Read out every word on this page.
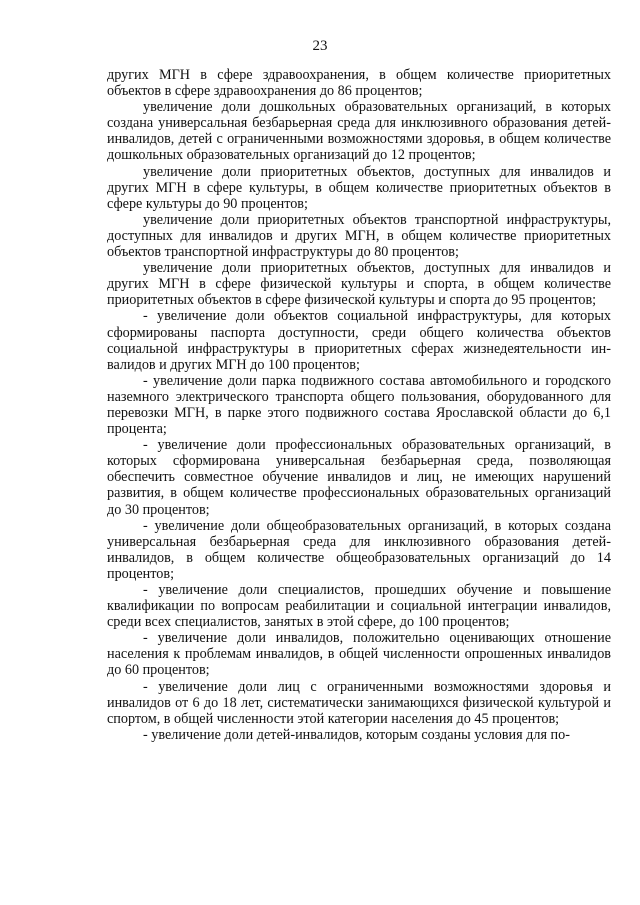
23

других МГН в сфере здравоохранения, в общем количестве приоритетных объектов в сфере здравоохранения до 86 процентов;

увеличение доли дошкольных образовательных организаций, в которых создана универсальная безбарьерная среда для инклюзивного образования детей-инвалидов, детей с ограниченными возможностями здоровья, в общем количестве дошкольных образовательных организаций до 12 процентов;

увеличение доли приоритетных объектов, доступных для инвалидов и других МГН в сфере культуры, в общем количестве приоритетных объектов в сфере культуры до 90 процентов;

увеличение доли приоритетных объектов транспортной инфраструктуры, доступных для инвалидов и других МГН, в общем количестве приоритетных объектов транспортной инфраструктуры до 80 процентов;

увеличение доли приоритетных объектов, доступных для инвалидов и других МГН в сфере физической культуры и спорта, в общем количестве приоритетных объектов в сфере физической культуры и спорта до 95 процентов;

- увеличение доли объектов социальной инфраструктуры, для которых сформированы паспорта доступности, среди общего количества объектов социальной инфраструктуры в приоритетных сферах жизнедеятельности инвалидов и других МГН до 100 процентов;

- увеличение доли парка подвижного состава автомобильного и городского наземного электрического транспорта общего пользования, оборудованного для перевозки МГН, в парке этого подвижного состава Ярославской области до 6,1 процента;

- увеличение доли профессиональных образовательных организаций, в которых сформирована универсальная безбарьерная среда, позволяющая обеспечить совместное обучение инвалидов и лиц, не имеющих нарушений развития, в общем количестве профессиональных образовательных организаций до 30 процентов;

- увеличение доли общеобразовательных организаций, в которых создана универсальная безбарьерная среда для инклюзивного образования детей-инвалидов, в общем количестве общеобразовательных организаций до 14 процентов;

- увеличение доли специалистов, прошедших обучение и повышение квалификации по вопросам реабилитации и социальной интеграции инвалидов, среди всех специалистов, занятых в этой сфере, до 100 процентов;

- увеличение доли инвалидов, положительно оценивающих отношение населения к проблемам инвалидов, в общей численности опрошенных инвалидов до 60 процентов;

- увеличение доли лиц с ограниченными возможностями здоровья и инвалидов от 6 до 18 лет, систематически занимающихся физической культурой и спортом, в общей численности этой категории населения до 45 процентов;

- увеличение доли детей-инвалидов, которым созданы условия для по-
